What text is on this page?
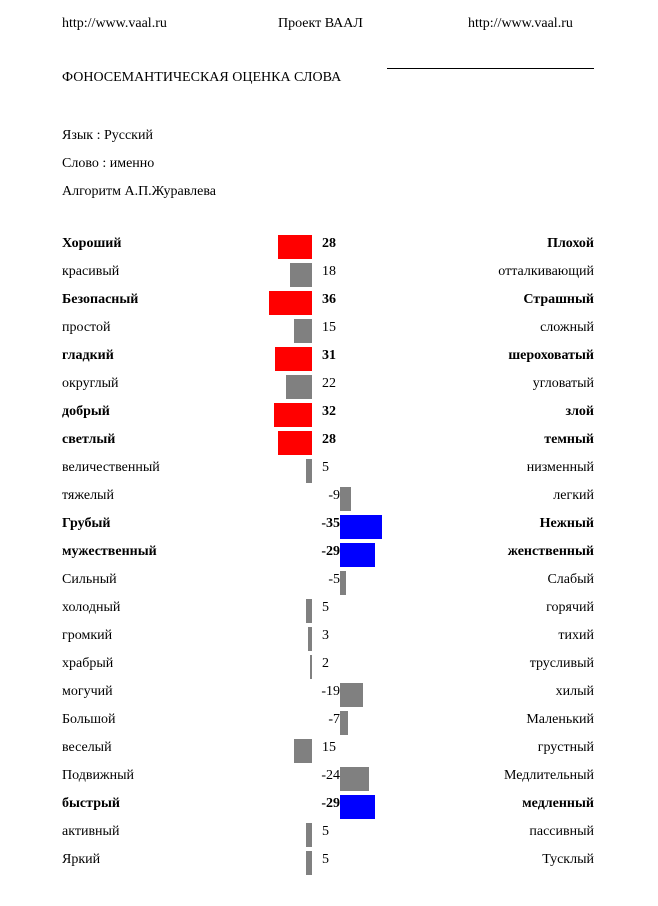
http://www.vaal.ru	Проект ВААЛ	http://www.vaal.ru
ФОНОСЕМАНТИЧЕСКАЯ ОЦЕНКА СЛОВА
Язык : Русский
Слово : именно
Алгоритм А.П.Журавлева
Хороший	28	Плохой
красивый	18	отталкивающий
Безопасный	36	Страшный
простой	15	сложный
гладкий	31	шероховатый
округлый	22	угловатый
добрый	32	злой
светлый	28	темный
величественный	5	низменный
тяжелый	-9	легкий
Грубый	-35	Нежный
мужественный	-29	женственный
Сильный	-5	Слабый
холодный	5	горячий
громкий	3	тихий
храбрый	2	трусливый
могучий	-19	хилый
Большой	-7	Маленький
веселый	15	грустный
Подвижный	-24	Медлительный
быстрый	-29	медленный
активный	5	пассивный
Яркий	5	Тусклый
